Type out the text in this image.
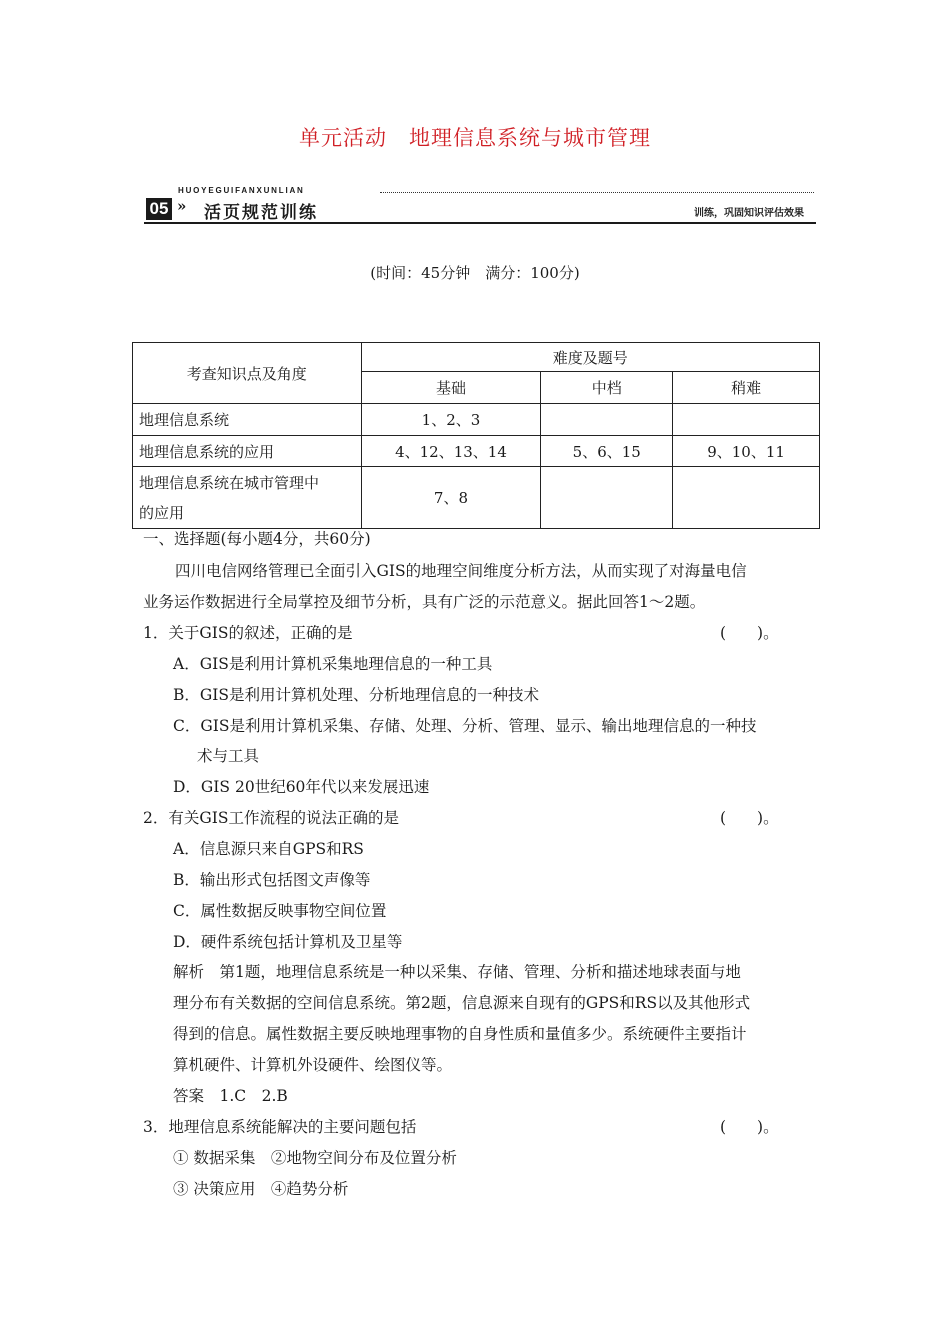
单元活动　地理信息系统与城市管理
05
HUOYEGUIFANXUNLIAN
» 活页规范训练	训练，巩固知识评估效果
(时间：45分钟　满分：100分)
考查知识点及角度	难度及题号		
	基础	中档	稍难
地理信息系统	1、2、3		
地理信息系统的应用	4、12、13、14	5、6、15	9、10、11
地理信息系统在城市管理中
的应用	7、8		
一、选择题(每小题4分，共60分)
四川电信网络管理已全面引入GIS的地理空间维度分析方法，从而实现了对海量电信
业务运作数据进行全局掌控及细节分析，具有广泛的示范意义。据此回答1～2题。
1．关于GIS的叙述，正确的是	(　　)。
A．GIS是利用计算机采集地理信息的一种工具
B．GIS是利用计算机处理、分析地理信息的一种技术
C．GIS是利用计算机采集、存储、处理、分析、管理、显示、输出地理信息的一种技
术与工具
D．GIS 20世纪60年代以来发展迅速
2．有关GIS工作流程的说法正确的是	(　　)。
A．信息源只来自GPS和RS
B．输出形式包括图文声像等
C．属性数据反映事物空间位置
D．硬件系统包括计算机及卫星等
解析　第1题，地理信息系统是一种以采集、存储、管理、分析和描述地球表面与地
理分布有关数据的空间信息系统。第2题，信息源来自现有的GPS和RS以及其他形式
得到的信息。属性数据主要反映地理事物的自身性质和量值多少。系统硬件主要指计
算机硬件、计算机外设硬件、绘图仪等。
答案　1.C　2.B
3．地理信息系统能解决的主要问题包括	(　　)。
① 数据采集　②地物空间分布及位置分析
③ 决策应用　④趋势分析
